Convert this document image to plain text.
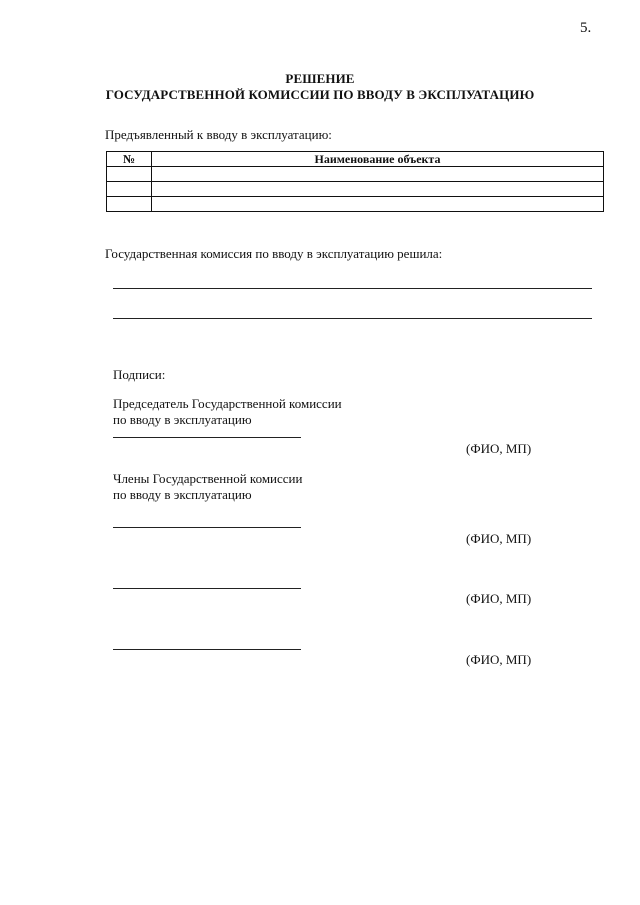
5.
РЕШЕНИЕ
ГОСУДАРСТВЕННОЙ КОМИССИИ ПО ВВОДУ В ЭКСПЛУАТАЦИЮ
Предъявленный к вводу в эксплуатацию:
№	Наименование объекта

Государственная комиссия по вводу в эксплуатацию решила:
Подписи:
Председатель Государственной комиссии
по вводу в эксплуатацию
(ФИО, МП)
Члены Государственной комиссии
по вводу в эксплуатацию
(ФИО, МП)
(ФИО, МП)
(ФИО, МП)
